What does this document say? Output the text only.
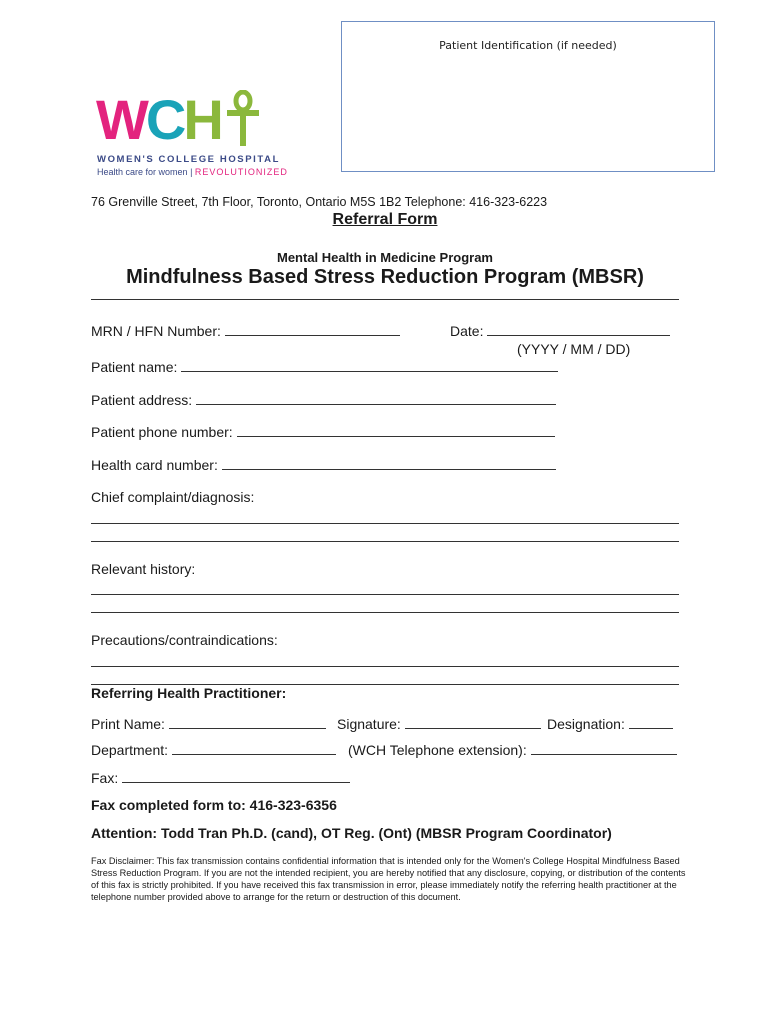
Patient Identification (if needed)
WCH
WOMEN'S COLLEGE HOSPITAL
Health care for women | REVOLUTIONIZED
76 Grenville Street, 7th Floor, Toronto, Ontario M5S 1B2 Telephone: 416-323-6223
Referral Form
Mental Health in Medicine Program
Mindfulness Based Stress Reduction Program (MBSR)
MRN / HFN Number:	Date:
(YYYY / MM / DD)
Patient name:
Patient address:
Patient phone number:
Health card number:
Chief complaint/diagnosis:
Relevant history:
Precautions/contraindications:
Referring Health Practitioner:
Print Name:	Signature:	Designation:
Department:	(WCH Telephone extension):
Fax:
Fax completed form to: 416-323-6356
Attention: Todd Tran Ph.D. (cand), OT Reg. (Ont) (MBSR Program Coordinator)
Fax Disclaimer: This fax transmission contains confidential information that is intended only for the Women's College Hospital Mindfulness Based Stress Reduction Program. If you are not the intended recipient, you are hereby notified that any disclosure, copying, or distribution of the contents of this fax is strictly prohibited. If you have received this fax transmission in error, please immediately notify the referring health practitioner at the telephone number provided above to arrange for the return or destruction of this document.
